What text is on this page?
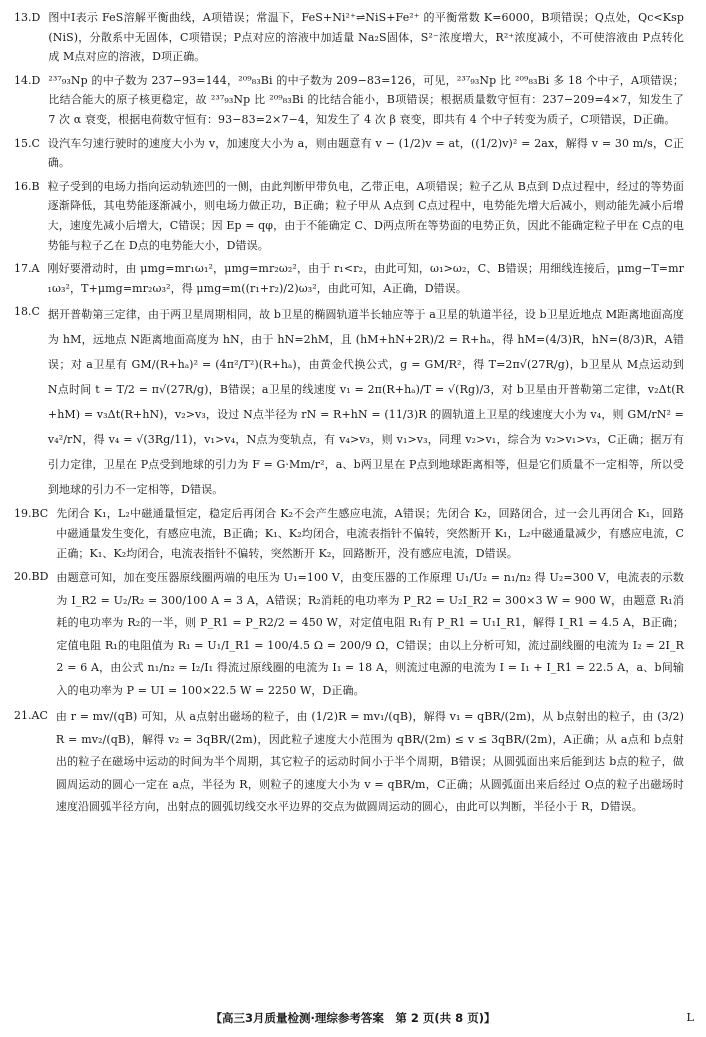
13.D 图中Ⅰ表示 FeS溶解平衡曲线，A项错误；常温下，FeS+Ni²⁺⇌NiS+Fe²⁺ 的平衡常数 K=6000，B项错误；Q点处，Qc<Ksp(NiS)，分散系中无固体，C项错误；P点对应的溶液中加适量 Na₂S固体，S²⁻浓度增大，R²⁺浓度减小，不可使溶液由 P点转化成 M点对应的溶液，D项正确。
14.D ²³⁷₉₃Np 的中子数为 237−93=144，²⁰⁹₈₃Bi 的中子数为 209−83=126，可见，²³⁷₉₃Np 比 ²⁰⁹₈₃Bi 多 18 个中子，A项错误；比结合能大的原子核更稳定，故 ²³⁷₉₃Np 比 ²⁰⁹₈₃Bi 的比结合能小，B项错误；根据质量数守恒有：237−209=4×7，知发生了 7 次 α 衰变，根据电荷数守恒有：93−83=2×7−4，知发生了 4 次 β 衰变，即共有 4 个中子转变为质子，C项错误，D正确。
15.C 设汽车匀速行驶时的速度大小为 v，加速度大小为 a，则由题意有 v − (1/2)v = at，((1/2)v)² = 2ax，解得 v = 30 m/s，C正确。
16.B 粒子受到的电场力指向运动轨迹凹的一侧，由此判断甲带负电，乙带正电，A项错误；粒子乙从 B点到 D点过程中，经过的等势面逐渐降低，其电势能逐渐减小，则电场力做正功，B正确；粒子甲从 A点到 C点过程中，电势能先增大后减小，则动能先减小后增大，速度先减小后增大，C错误；因 Ep = qφ，由于不能确定 C、D两点所在等势面的电势正负，因此不能确定粒子甲在 C点的电势能与粒子乙在 D点的电势能大小，D错误。
17.A 刚好要滑动时，由 μmg=mr₁ω₁²，μmg=mr₂ω₂²，由于 r₁<r₂，由此可知，ω₁>ω₂，C、B错误；用细线连接后，μmg−T=mr₁ω₃²，T+μmg=mr₂ω₃²，得 μmg=m((r₁+r₂)/2)ω₃²，由此可知，A正确，D错误。
18.C 据开普勒第三定律，由于两卫星周期相同，故 b卫星的椭圆轨道半长轴应等于 a卫星的轨道半径，设 b卫星近地点 M距离地面高度为 hM，远地点 N距离地面高度为 hN，由于 hN=2hM，且 (hM+hN+2R)/2 = R+hₐ，得 hM=(4/3)R，hN=(8/3)R，A错误；对 a卫星有 GM/(R+hₐ)² = (4π²/T²)(R+hₐ)，由黄金代换公式，g = GM/R²，得 T=2π√(27R/g)，b卫星从 M点运动到 N点时间 t = T/2 = π√(27R/g)，B错误；a卫星的线速度 v₁ = 2π(R+hₐ)/T = √(Rg)/3，对 b卫星由开普勒第二定律，v₂Δt(R+hM) = v₃Δt(R+hN)，v₂>v₃，设过 N点半径为 rN = R+hN = (11/3)R 的圆轨道上卫星的线速度大小为 v₄，则 GM/rN² = v₄²/rN，得 v₄ = √(3Rg/11)，v₁>v₄，N点为变轨点，有 v₄>v₃，则 v₁>v₃，同理 v₂>v₁，综合为 v₂>v₁>v₃，C正确；据万有引力定律，卫星在 P点受到地球的引力为 F = G·Mm/r²，a、b两卫星在 P点到地球距离相等，但是它们质量不一定相等，所以受到地球的引力不一定相等，D错误。
19.BC 先闭合 K₁，L₂中磁通量恒定，稳定后再闭合 K₂不会产生感应电流，A错误；先闭合 K₂，回路闭合，过一会儿再闭合 K₁，回路中磁通量发生变化，有感应电流，B正确；K₁、K₂均闭合，电流表指针不偏转，突然断开 K₁，L₂中磁通量减少，有感应电流，C正确；K₁、K₂均闭合，电流表指针不偏转，突然断开 K₂，回路断开，没有感应电流，D错误。
20.BD 由题意可知，加在变压器原线圈两端的电压为 U₁=100 V，由变压器的工作原理 U₁/U₂ = n₁/n₂ 得 U₂=300 V，电流表的示数为 I_R2 = U₂/R₂ = 300/100 A = 3 A，A错误；R₂消耗的电功率为 P_R2 = U₂I_R2 = 300×3 W = 900 W，由题意 R₁消耗的电功率为 R₂的一半，则 P_R1 = P_R2/2 = 450 W，对定值电阻 R₁有 P_R1 = U₁I_R1，解得 I_R1 = 4.5 A，B正确；定值电阻 R₁的电阻值为 R₁ = U₁/I_R1 = 100/4.5 Ω = 200/9 Ω，C错误；由以上分析可知，流过副线圈的电流为 I₂ = 2I_R2 = 6 A，由公式 n₁/n₂ = I₂/I₁ 得流过原线圈的电流为 I₁ = 18 A，则流过电源的电流为 I = I₁ + I_R1 = 22.5 A，a、b间输入的电功率为 P = UI = 100×22.5 W = 2250 W，D正确。
21.AC 由 r = mv/(qB) 可知，从 a点射出磁场的粒子，由 (1/2)R = mv₁/(qB)，解得 v₁ = qBR/(2m)，从 b点射出的粒子，由 (3/2)R = mv₂/(qB)，解得 v₂ = 3qBR/(2m)，因此粒子速度大小范围为 qBR/(2m) ≤ v ≤ 3qBR/(2m)，A正确；从 a点和 b点射出的粒子在磁场中运动的时间为半个周期，其它粒子的运动时间小于半个周期，B错误；从圆弧面出来后能到达 b点的粒子，做圆周运动的圆心一定在 a点，半径为 R，则粒子的速度大小为 v = qBR/m，C正确；从圆弧面出来后经过 O点的粒子出磁场时速度沿圆弧半径方向，出射点的圆弧切线交水平边界的交点为做圆周运动的圆心，由此可以判断，半径小于 R，D错误。
【高三3月质量检测·理综参考答案　第 2 页(共 8 页)】	L
